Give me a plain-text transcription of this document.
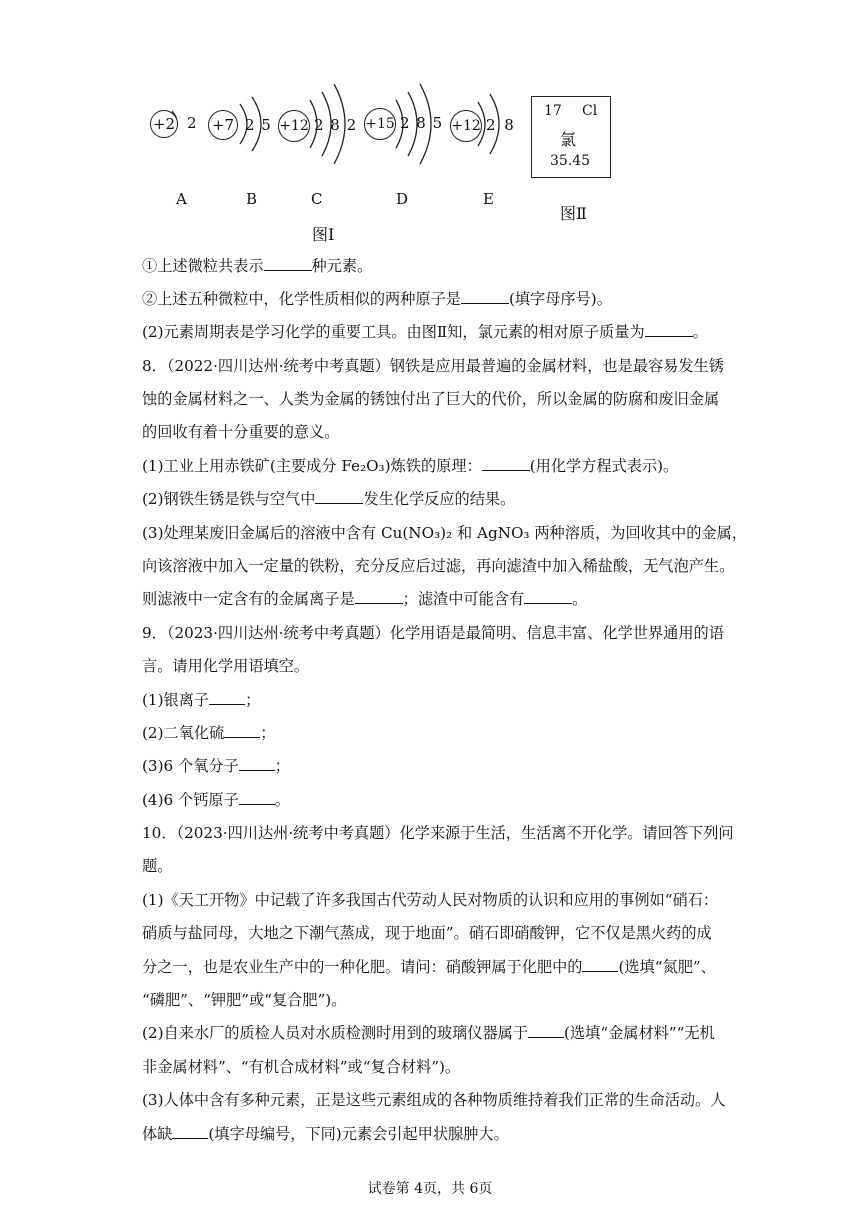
+2 2
A
+7 2 5
B
+12 2 8 2
C
+15 2 8 5
D
+12 2 8
E
图Ⅰ
17 Cl
氯
35.45
图Ⅱ
①上述微粒共表示	种元素。
②上述五种微粒中，化学性质相似的两种原子是	(填字母序号)。
(2)元素周期表是学习化学的重要工具。由图Ⅱ知，氯元素的相对原子质量为	。
8．（2022·四川达州·统考中考真题）钢铁是应用最普遍的金属材料，也是最容易发生锈
蚀的金属材料之一、人类为金属的锈蚀付出了巨大的代价，所以金属的防腐和废旧金属
的回收有着十分重要的意义。
(1)工业上用赤铁矿(主要成分 Fe₂O₃)炼铁的原理：	(用化学方程式表示)。
(2)钢铁生锈是铁与空气中	发生化学反应的结果。
(3)处理某废旧金属后的溶液中含有 Cu(NO₃)₂ 和 AgNO₃ 两种溶质，为回收其中的金属，
向该溶液中加入一定量的铁粉，充分反应后过滤，再向滤渣中加入稀盐酸，无气泡产生。
则滤液中一定含有的金属离子是	；滤渣中可能含有	。
9．（2023·四川达州·统考中考真题）化学用语是最简明、信息丰富、化学世界通用的语
言。请用化学用语填空。
(1)银离子 ；
(2)二氧化硫 ；
(3)6 个氧分子 ；
(4)6 个钙原子 。
10．（2023·四川达州·统考中考真题）化学来源于生活，生活离不开化学。请回答下列问
题。
(1)《天工开物》中记载了许多我国古代劳动人民对物质的认识和应用的事例如“硝石：
硝质与盐同母，大地之下潮气蒸成，现于地面”。硝石即硝酸钾，它不仅是黑火药的成
分之一，也是农业生产中的一种化肥。请问：硝酸钾属于化肥中的 (选填“氮肥”、
“磷肥”、“钾肥”或“复合肥”)。
(2)自来水厂的质检人员对水质检测时用到的玻璃仪器属于 (选填“金属材料”“无机
非金属材料”、“有机合成材料”或“复合材料”)。
(3)人体中含有多种元素，正是这些元素组成的各种物质维持着我们正常的生命活动。人
体缺 (填字母编号，下同)元素会引起甲状腺肿大。
试卷第 4页，共 6页
